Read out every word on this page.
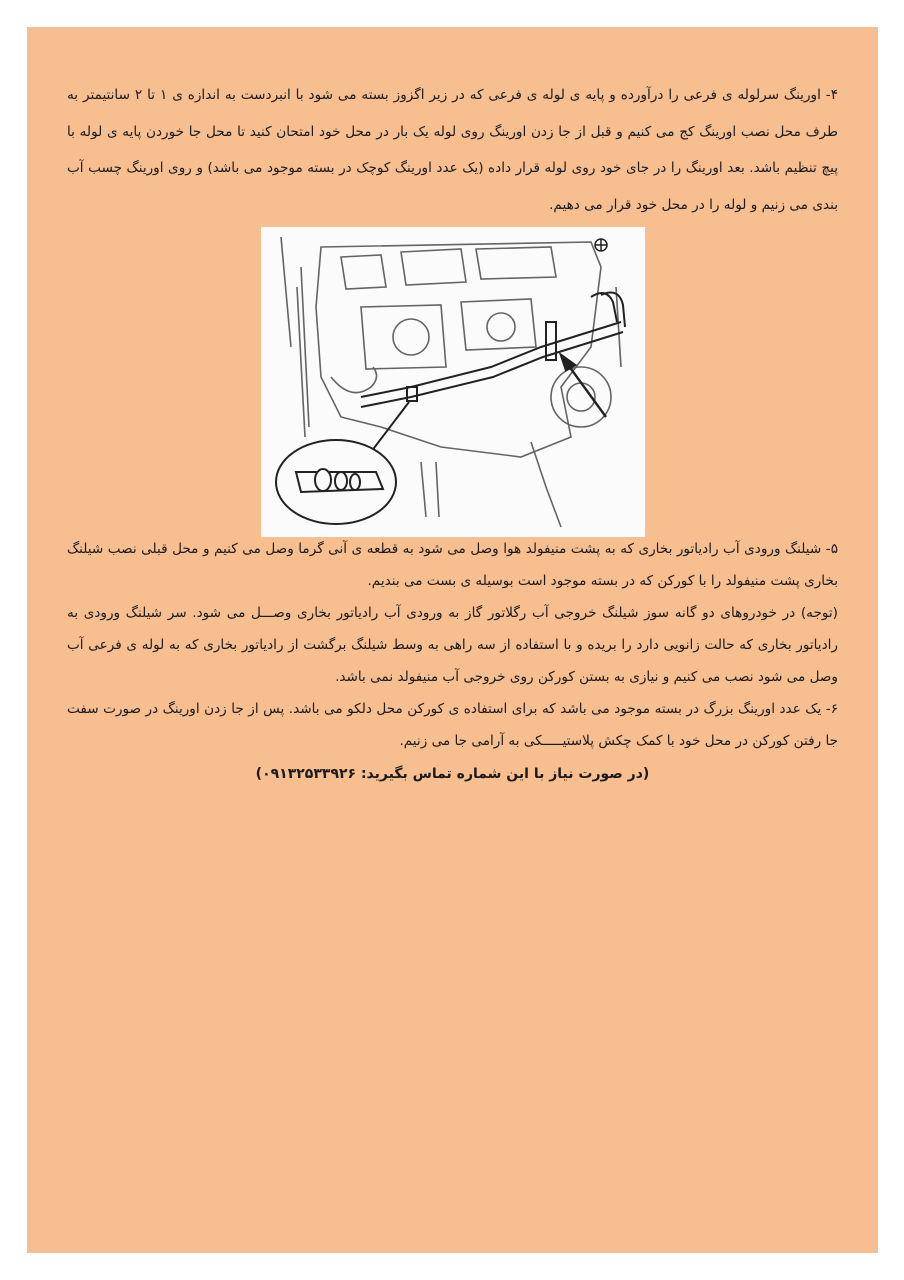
۴- اورینگ سرلوله ی فرعی را درآورده و پایه ی لوله ی فرعی که در زیر اگزوز بسته می شود با انبردست به اندازه ی ۱ تا ۲ سانتیمتر به طرف محل نصب اورینگ کج می کنیم و قبل از جا زدن اورینگ روی لوله یک بار در محل خود امتحان کنید تا محل جا خوردن پایه ی لوله با پیچ تنظیم باشد. بعد اورینگ را در جای خود روی لوله قرار داده (یک عدد اورینگ کوچک در بسته موجود می باشد) و روی اورینگ چسب آب بندی می زنیم و لوله را در محل خود قرار می دهیم.

۵- شیلنگ ورودی آب رادیاتور بخاری که به پشت منیفولد هوا وصل می شود به قطعه ی آنی گرما وصل می کنیم و محل قبلی نصب شیلنگ بخاری پشت منیفولد را با کورکن که در بسته موجود است بوسیله ی بست می بندیم.

(توجه) در خودروهای دو گانه سوز شیلنگ خروجی آب رگلاتور گاز به ورودی آب رادیاتور بخاری وصـــل می شود. سر شیلنگ ورودی به رادیاتور بخاری که حالت زانویی دارد را بریده و با استفاده از سه راهی به وسط شیلنگ برگشت از رادیاتور بخاری که به لوله ی فرعی آب وصل می شود نصب می کنیم و نیازی به بستن کورکن روی خروجی آب منیفولد نمی باشد.

۶- یک عدد اورینگ بزرگ در بسته موجود می باشد که برای استفاده ی کورکن محل دلکو می باشد. پس از جا زدن اورینگ در صورت سفت جا رفتن کورکن در محل خود با کمک چکش پلاستیـــــکی به آرامی جا می زنیم.

(در صورت نیاز با این شماره تماس بگیرید: ۰۹۱۳۲۵۳۳۹۲۶)
